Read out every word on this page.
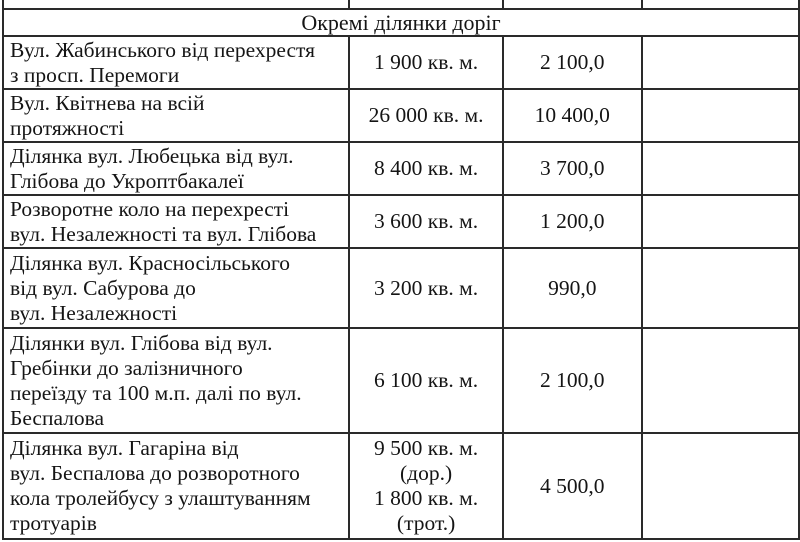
Окремі ділянки доріг			

Вул. Жабинського від перехрестя
з просп. Перемоги	1 900 кв. м.	2 100,0	

Вул. Квітнева на всій
протяжності	26 000 кв. м.	10 400,0	

Ділянка вул. Любецька від вул.
Глібова до Укроптбакалеї	8 400 кв. м.	3 700,0	

Розворотне коло на перехресті
вул. Незалежності та вул. Глібова	3 600 кв. м.	1 200,0	

Ділянка вул. Красносільського
від вул. Сабурова до
вул. Незалежності	3 200 кв. м.	990,0	

Ділянки вул. Глібова від вул.
Гребінки до залізничного
переїзду та 100 м.п. далі по вул.
Беспалова	6 100 кв. м.	2 100,0	

Ділянка вул. Гагаріна від
вул. Беспалова до розворотного
кола тролейбусу з улаштуванням
тротуарів	9 500 кв. м.
(дор.)
1 800 кв. м.
(трот.)	4 500,0	
